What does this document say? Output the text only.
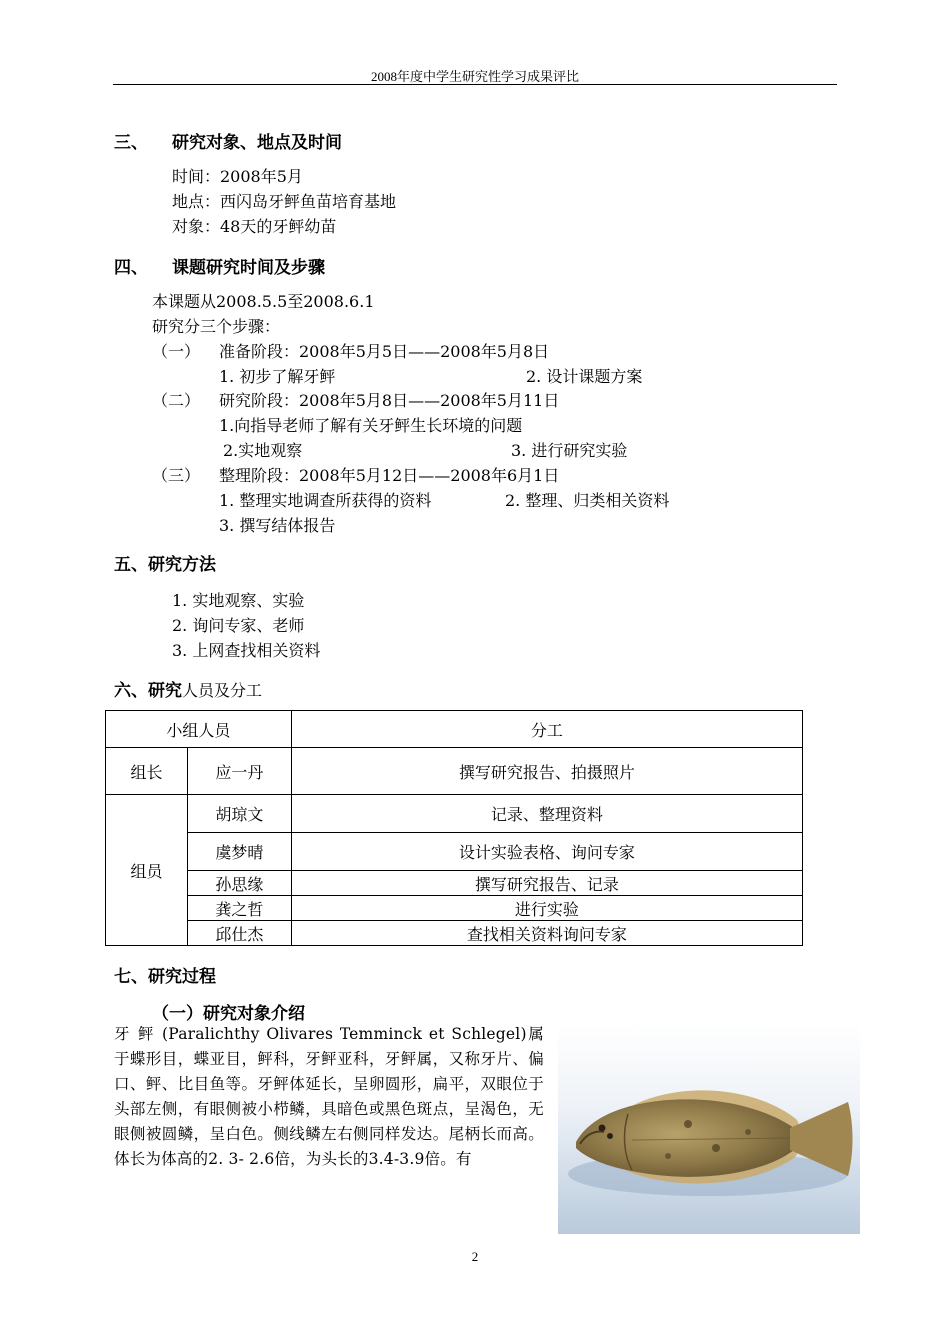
2008年度中学生研究性学习成果评比
三、 研究对象、地点及时间
时间：2008年5月
地点：西闪岛牙鲆鱼苗培育基地
对象：48天的牙鲆幼苗
四、 课题研究时间及步骤
本课题从2008.5.5至2008.6.1
研究分三个步骤：
（一） 准备阶段：2008年5月5日——2008年5月8日
1. 初步了解牙鲆	2. 设计课题方案
（二） 研究阶段：2008年5月8日——2008年5月11日
1.向指导老师了解有关牙鲆生长环境的问题
2.实地观察	3. 进行研究实验
（三） 整理阶段：2008年5月12日——2008年6月1日
1. 整理实地调查所获得的资料	2. 整理、归类相关资料
3. 撰写结体报告
五、研究方法
1. 实地观察、实验
2. 询问专家、老师
3. 上网查找相关资料
六、研究人员及分工
小组人员		分工
组长	应一丹	撰写研究报告、拍摄照片
组员	胡琼文	记录、整理资料
	虞梦晴	设计实验表格、询问专家
	孙思缘	撰写研究报告、记录
	龚之哲	进行实验
	邱仕杰	查找相关资料询问专家
七、研究过程
（一）研究对象介绍
牙 鲆 (Paralichthy Olivares Temminck et Schlegel)属于蝶形目，蝶亚目，鲆科，牙鲆亚科，牙鲆属，又称牙片、偏口、鲆、比目鱼等。牙鲆体延长，呈卵圆形，扁平，双眼位于头部左侧，有眼侧被小栉鳞，具暗色或黑色斑点，呈渴色，无眼侧被圆鳞，呈白色。侧线鳞左右侧同样发达。尾柄长而高。体长为体高的2. 3- 2.6倍，为头长的3.4-3.9倍。有
2
